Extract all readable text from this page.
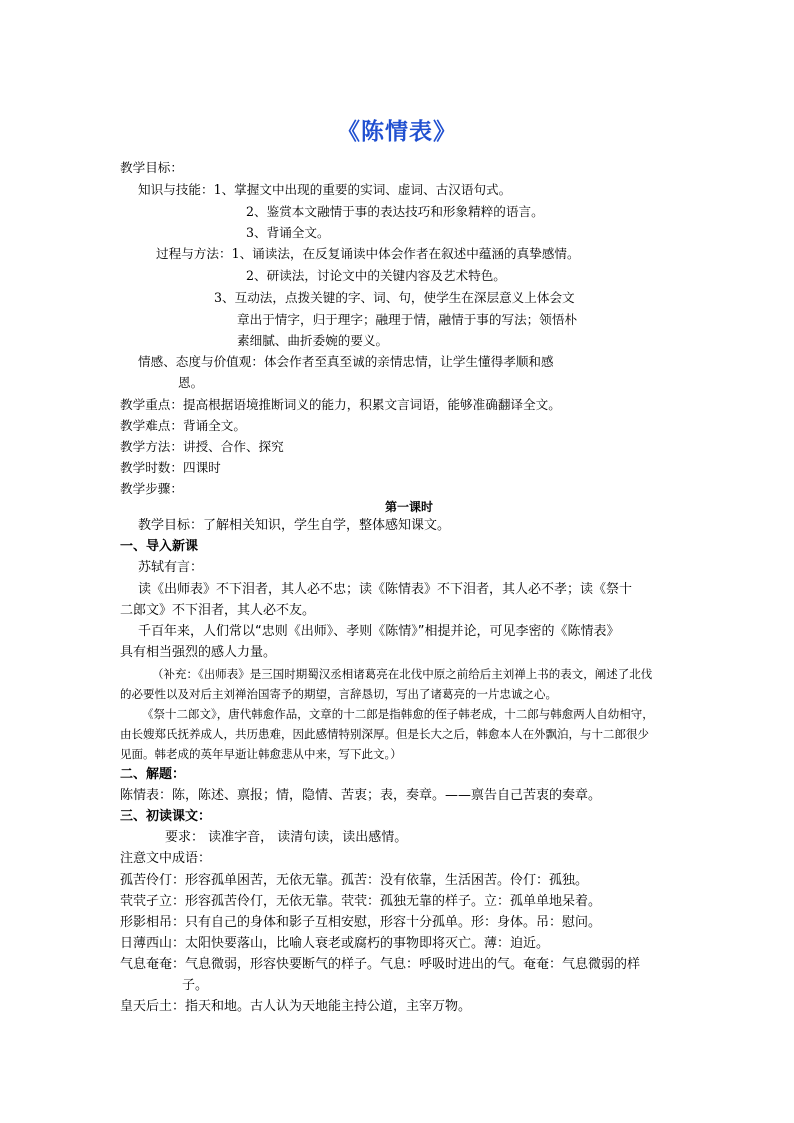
《陈情表》
教学目标：
知识与技能：1、掌握文中出现的重要的实词、虚词、古汉语句式。
2、鉴赏本文融情于事的表达技巧和形象精粹的语言。
3、背诵全文。
过程与方法：1、诵读法，在反复诵读中体会作者在叙述中蕴涵的真挚感情。
2、研读法，讨论文中的关键内容及艺术特色。
3、互动法，点拨关键的字、词、句，使学生在深层意义上体会文
章出于情字，归于理字；融理于情，融情于事的写法；领悟朴
素细腻、曲折委婉的要义。
情感、态度与价值观：体会作者至真至诚的亲情忠情，让学生懂得孝顺和感
恩。
教学重点：提高根据语境推断词义的能力，积累文言词语，能够准确翻译全文。
教学难点：背诵全文。
教学方法：讲授、合作、探究
教学时数：四课时
教学步骤：
第一课时
教学目标：了解相关知识，学生自学，整体感知课文。
一、导入新课
苏轼有言：
读《出师表》不下泪者，其人必不忠；读《陈情表》不下泪者，其人必不孝；读《祭十
二郎文》不下泪者，其人必不友。
千百年来，人们常以“忠则《出师》、孝则《陈情》”相提并论，可见李密的《陈情表》
具有相当强烈的感人力量。
（补充：《出师表》是三国时期蜀汉丞相诸葛亮在北伐中原之前给后主刘禅上书的表文，阐述了北伐
的必要性以及对后主刘禅治国寄予的期望，言辞恳切，写出了诸葛亮的一片忠诚之心。
《祭十二郎文》，唐代韩愈作品，文章的十二郎是指韩愈的侄子韩老成，十二郎与韩愈两人自幼相守，
由长嫂郑氏抚养成人，共历患难，因此感情特别深厚。但是长大之后，韩愈本人在外飘泊，与十二郎很少
见面。韩老成的英年早逝让韩愈悲从中来，写下此文。）
二、解题：
陈情表：陈，陈述、禀报；情，隐情、苦衷；表，奏章。——禀告自己苦衷的奏章。
三、初读课文：
要求： 读准字音， 读清句读，读出感情。
注意文中成语：
孤苦伶仃：形容孤单困苦，无依无靠。孤苦：没有依靠，生活困苦。伶仃：孤独。
茕茕孑立：形容孤苦伶仃，无依无靠。茕茕：孤独无靠的样子。立：孤单单地呆着。
形影相吊：只有自己的身体和影子互相安慰，形容十分孤单。形：身体。吊：慰问。
日薄西山：太阳快要落山，比喻人衰老或腐朽的事物即将灭亡。薄：迫近。
气息奄奄：气息微弱，形容快要断气的样子。气息：呼吸时进出的气。奄奄：气息微弱的样
子。
皇天后土：指天和地。古人认为天地能主持公道，主宰万物。
